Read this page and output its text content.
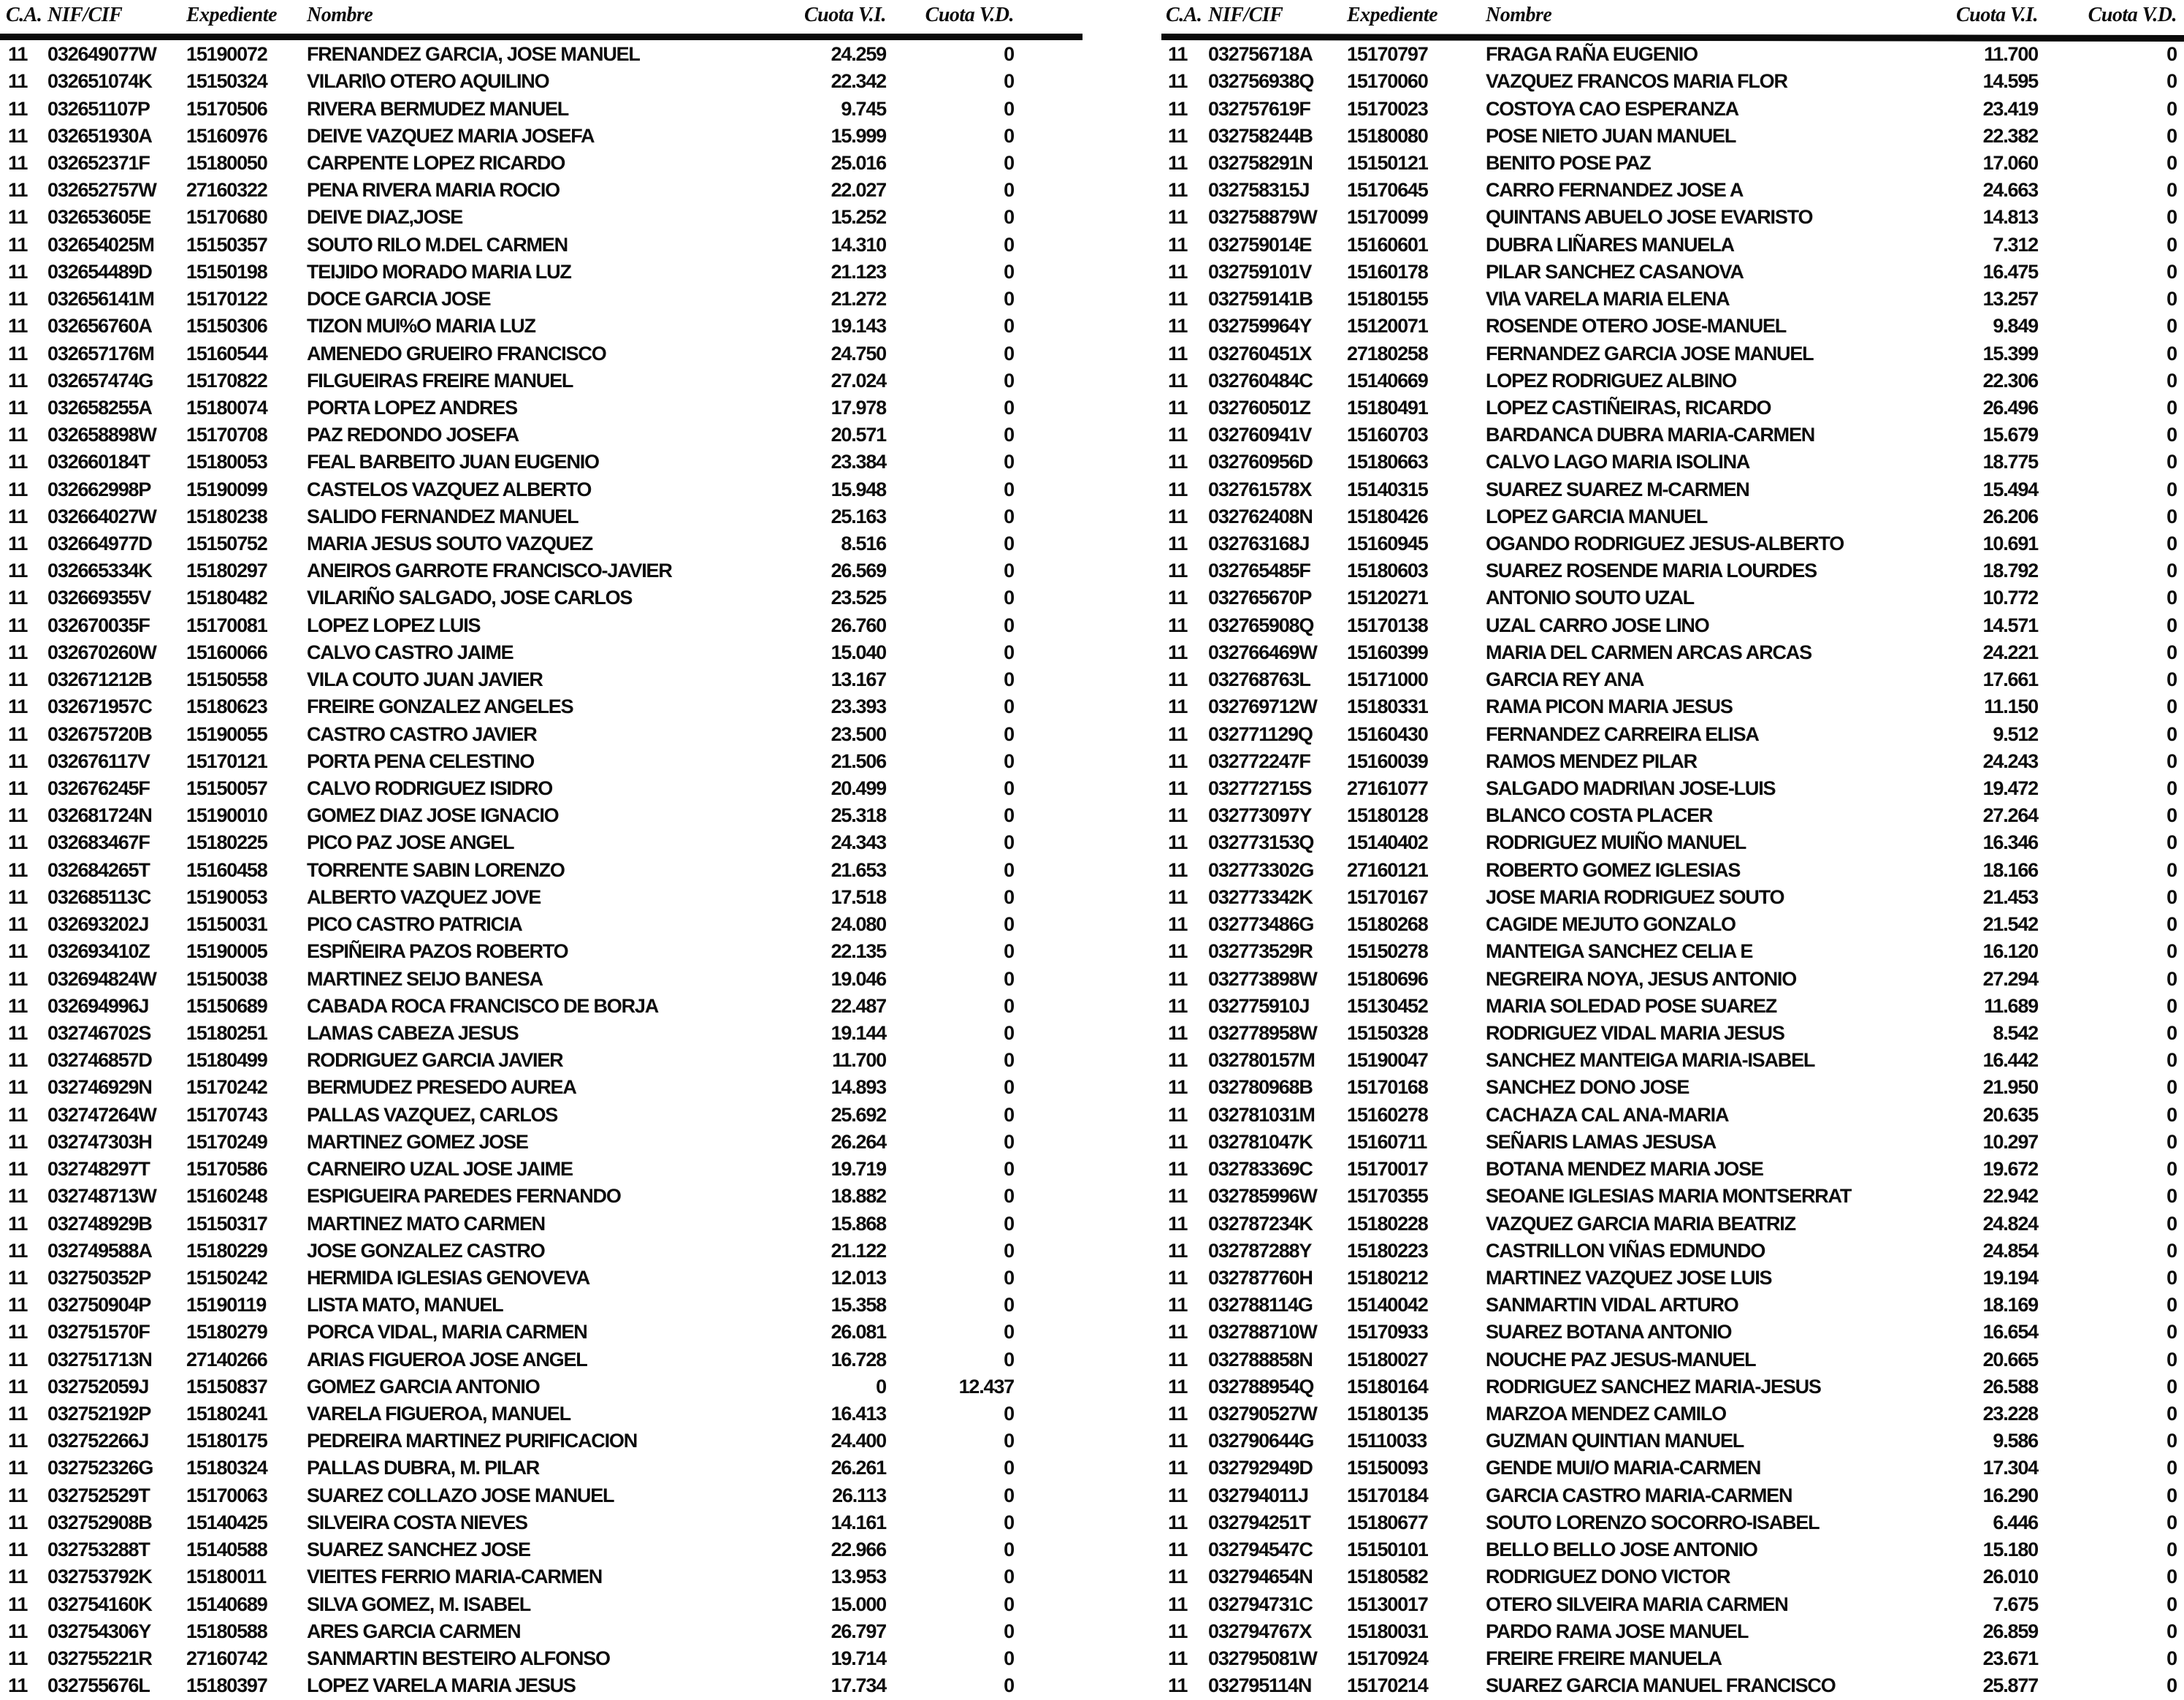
C.A. NIF/CIF	Expediente	Nombre	Cuota V.I.	Cuota V.D.
11	032649077W	15190072	FRENANDEZ GARCIA, JOSE MANUEL	24.259	0
11	032651074K	15150324	VILARI\O OTERO AQUILINO	22.342	0
11	032651107P	15170506	RIVERA BERMUDEZ MANUEL	9.745	0
11	032651930A	15160976	DEIVE VAZQUEZ MARIA JOSEFA	15.999	0
11	032652371F	15180050	CARPENTE LOPEZ RICARDO	25.016	0
11	032652757W	27160322	PENA RIVERA MARIA ROCIO	22.027	0
11	032653605E	15170680	DEIVE DIAZ,JOSE	15.252	0
11	032654025M	15150357	SOUTO RILO M.DEL CARMEN	14.310	0
11	032654489D	15150198	TEIJIDO MORADO MARIA LUZ	21.123	0
11	032656141M	15170122	DOCE GARCIA JOSE	21.272	0
11	032656760A	15150306	TIZON MUI%O MARIA LUZ	19.143	0
11	032657176M	15160544	AMENEDO GRUEIRO FRANCISCO	24.750	0
11	032657474G	15170822	FILGUEIRAS FREIRE MANUEL	27.024	0
11	032658255A	15180074	PORTA LOPEZ ANDRES	17.978	0
11	032658898W	15170708	PAZ REDONDO JOSEFA	20.571	0
11	032660184T	15180053	FEAL BARBEITO JUAN EUGENIO	23.384	0
11	032662998P	15190099	CASTELOS VAZQUEZ ALBERTO	15.948	0
11	032664027W	15180238	SALIDO FERNANDEZ MANUEL	25.163	0
11	032664977D	15150752	MARIA JESUS SOUTO VAZQUEZ	8.516	0
11	032665334K	15180297	ANEIROS GARROTE FRANCISCO-JAVIER	26.569	0
11	032669355V	15180482	VILARIÑO SALGADO, JOSE CARLOS	23.525	0
11	032670035F	15170081	LOPEZ LOPEZ LUIS	26.760	0
11	032670260W	15160066	CALVO CASTRO JAIME	15.040	0
11	032671212B	15150558	VILA COUTO JUAN JAVIER	13.167	0
11	032671957C	15180623	FREIRE GONZALEZ ANGELES	23.393	0
11	032675720B	15190055	CASTRO CASTRO JAVIER	23.500	0
11	032676117V	15170121	PORTA PENA CELESTINO	21.506	0
11	032676245F	15150057	CALVO RODRIGUEZ ISIDRO	20.499	0
11	032681724N	15190010	GOMEZ DIAZ JOSE IGNACIO	25.318	0
11	032683467F	15180225	PICO PAZ JOSE ANGEL	24.343	0
11	032684265T	15160458	TORRENTE SABIN LORENZO	21.653	0
11	032685113C	15190053	ALBERTO VAZQUEZ JOVE	17.518	0
11	032693202J	15150031	PICO CASTRO PATRICIA	24.080	0
11	032693410Z	15190005	ESPIÑEIRA PAZOS ROBERTO	22.135	0
11	032694824W	15150038	MARTINEZ SEIJO BANESA	19.046	0
11	032694996J	15150689	CABADA ROCA FRANCISCO DE BORJA	22.487	0
11	032746702S	15180251	LAMAS CABEZA JESUS	19.144	0
11	032746857D	15180499	RODRIGUEZ GARCIA JAVIER	11.700	0
11	032746929N	15170242	BERMUDEZ PRESEDO AUREA	14.893	0
11	032747264W	15170743	PALLAS VAZQUEZ, CARLOS	25.692	0
11	032747303H	15170249	MARTINEZ GOMEZ JOSE	26.264	0
11	032748297T	15170586	CARNEIRO UZAL JOSE JAIME	19.719	0
11	032748713W	15160248	ESPIGUEIRA PAREDES FERNANDO	18.882	0
11	032748929B	15150317	MARTINEZ MATO CARMEN	15.868	0
11	032749588A	15180229	JOSE GONZALEZ CASTRO	21.122	0
11	032750352P	15150242	HERMIDA IGLESIAS GENOVEVA	12.013	0
11	032750904P	15190119	LISTA MATO, MANUEL	15.358	0
11	032751570F	15180279	PORCA VIDAL, MARIA CARMEN	26.081	0
11	032751713N	27140266	ARIAS FIGUEROA JOSE ANGEL	16.728	0
11	032752059J	15150837	GOMEZ GARCIA ANTONIO	0	12.437
11	032752192P	15180241	VARELA FIGUEROA, MANUEL	16.413	0
11	032752266J	15180175	PEDREIRA MARTINEZ PURIFICACION	24.400	0
11	032752326G	15180324	PALLAS DUBRA, M. PILAR	26.261	0
11	032752529T	15170063	SUAREZ COLLAZO JOSE MANUEL	26.113	0
11	032752908B	15140425	SILVEIRA COSTA NIEVES	14.161	0
11	032753288T	15140588	SUAREZ SANCHEZ JOSE	22.966	0
11	032753792K	15180011	VIEITES FERRIO MARIA-CARMEN	13.953	0
11	032754160K	15140689	SILVA GOMEZ, M. ISABEL	15.000	0
11	032754306Y	15180588	ARES GARCIA CARMEN	26.797	0
11	032755221R	27160742	SANMARTIN BESTEIRO ALFONSO	19.714	0
11	032755676L	15180397	LOPEZ VARELA MARIA JESUS	17.734	0
C.A. NIF/CIF	Expediente	Nombre	Cuota V.I.	Cuota V.D.
11	032756718A	15170797	FRAGA RAÑA EUGENIO	11.700	0
11	032756938Q	15170060	VAZQUEZ FRANCOS MARIA FLOR	14.595	0
11	032757619F	15170023	COSTOYA CAO ESPERANZA	23.419	0
11	032758244B	15180080	POSE NIETO JUAN MANUEL	22.382	0
11	032758291N	15150121	BENITO POSE PAZ	17.060	0
11	032758315J	15170645	CARRO FERNANDEZ JOSE A	24.663	0
11	032758879W	15170099	QUINTANS ABUELO JOSE EVARISTO	14.813	0
11	032759014E	15160601	DUBRA LIÑARES MANUELA	7.312	0
11	032759101V	15160178	PILAR SANCHEZ CASANOVA	16.475	0
11	032759141B	15180155	VI\A VARELA MARIA ELENA	13.257	0
11	032759964Y	15120071	ROSENDE OTERO JOSE-MANUEL	9.849	0
11	032760451X	27180258	FERNANDEZ GARCIA JOSE MANUEL	15.399	0
11	032760484C	15140669	LOPEZ RODRIGUEZ ALBINO	22.306	0
11	032760501Z	15180491	LOPEZ CASTIÑEIRAS, RICARDO	26.496	0
11	032760941V	15160703	BARDANCA DUBRA MARIA-CARMEN	15.679	0
11	032760956D	15180663	CALVO LAGO MARIA ISOLINA	18.775	0
11	032761578X	15140315	SUAREZ SUAREZ M-CARMEN	15.494	0
11	032762408N	15180426	LOPEZ GARCIA MANUEL	26.206	0
11	032763168J	15160945	OGANDO RODRIGUEZ JESUS-ALBERTO	10.691	0
11	032765485F	15180603	SUAREZ ROSENDE MARIA LOURDES	18.792	0
11	032765670P	15120271	ANTONIO SOUTO UZAL	10.772	0
11	032765908Q	15170138	UZAL CARRO JOSE LINO	14.571	0
11	032766469W	15160399	MARIA DEL CARMEN ARCAS ARCAS	24.221	0
11	032768763L	15171000	GARCIA REY ANA	17.661	0
11	032769712W	15180331	RAMA PICON MARIA JESUS	11.150	0
11	032771129Q	15160430	FERNANDEZ CARREIRA ELISA	9.512	0
11	032772247F	15160039	RAMOS MENDEZ PILAR	24.243	0
11	032772715S	27161077	SALGADO MADRI\AN JOSE-LUIS	19.472	0
11	032773097Y	15180128	BLANCO COSTA PLACER	27.264	0
11	032773153Q	15140402	RODRIGUEZ MUIÑO MANUEL	16.346	0
11	032773302G	27160121	ROBERTO GOMEZ IGLESIAS	18.166	0
11	032773342K	15170167	JOSE MARIA RODRIGUEZ SOUTO	21.453	0
11	032773486G	15180268	CAGIDE MEJUTO GONZALO	21.542	0
11	032773529R	15150278	MANTEIGA SANCHEZ CELIA E	16.120	0
11	032773898W	15180696	NEGREIRA NOYA, JESUS ANTONIO	27.294	0
11	032775910J	15130452	MARIA SOLEDAD POSE SUAREZ	11.689	0
11	032778958W	15150328	RODRIGUEZ VIDAL MARIA JESUS	8.542	0
11	032780157M	15190047	SANCHEZ MANTEIGA MARIA-ISABEL	16.442	0
11	032780968B	15170168	SANCHEZ DONO JOSE	21.950	0
11	032781031M	15160278	CACHAZA CAL ANA-MARIA	20.635	0
11	032781047K	15160711	SEÑARIS LAMAS JESUSA	10.297	0
11	032783369C	15170017	BOTANA MENDEZ MARIA JOSE	19.672	0
11	032785996W	15170355	SEOANE IGLESIAS MARIA MONTSERRAT	22.942	0
11	032787234K	15180228	VAZQUEZ GARCIA MARIA BEATRIZ	24.824	0
11	032787288Y	15180223	CASTRILLON VIÑAS EDMUNDO	24.854	0
11	032787760H	15180212	MARTINEZ VAZQUEZ JOSE LUIS	19.194	0
11	032788114G	15140042	SANMARTIN VIDAL ARTURO	18.169	0
11	032788710W	15170933	SUAREZ BOTANA ANTONIO	16.654	0
11	032788858N	15180027	NOUCHE PAZ JESUS-MANUEL	20.665	0
11	032788954Q	15180164	RODRIGUEZ SANCHEZ MARIA-JESUS	26.588	0
11	032790527W	15180135	MARZOA MENDEZ CAMILO	23.228	0
11	032790644G	15110033	GUZMAN QUINTIAN MANUEL	9.586	0
11	032792949D	15150093	GENDE MUI/O MARIA-CARMEN	17.304	0
11	032794011J	15170184	GARCIA CASTRO MARIA-CARMEN	16.290	0
11	032794251T	15180677	SOUTO LORENZO SOCORRO-ISABEL	6.446	0
11	032794547C	15150101	BELLO BELLO JOSE ANTONIO	15.180	0
11	032794654N	15180582	RODRIGUEZ DONO VICTOR	26.010	0
11	032794731C	15130017	OTERO SILVEIRA MARIA CARMEN	7.675	0
11	032794767X	15180031	PARDO RAMA JOSE MANUEL	26.859	0
11	032795081W	15170924	FREIRE FREIRE MANUELA	23.671	0
11	032795114N	15170214	SUAREZ GARCIA MANUEL FRANCISCO	25.877	0
